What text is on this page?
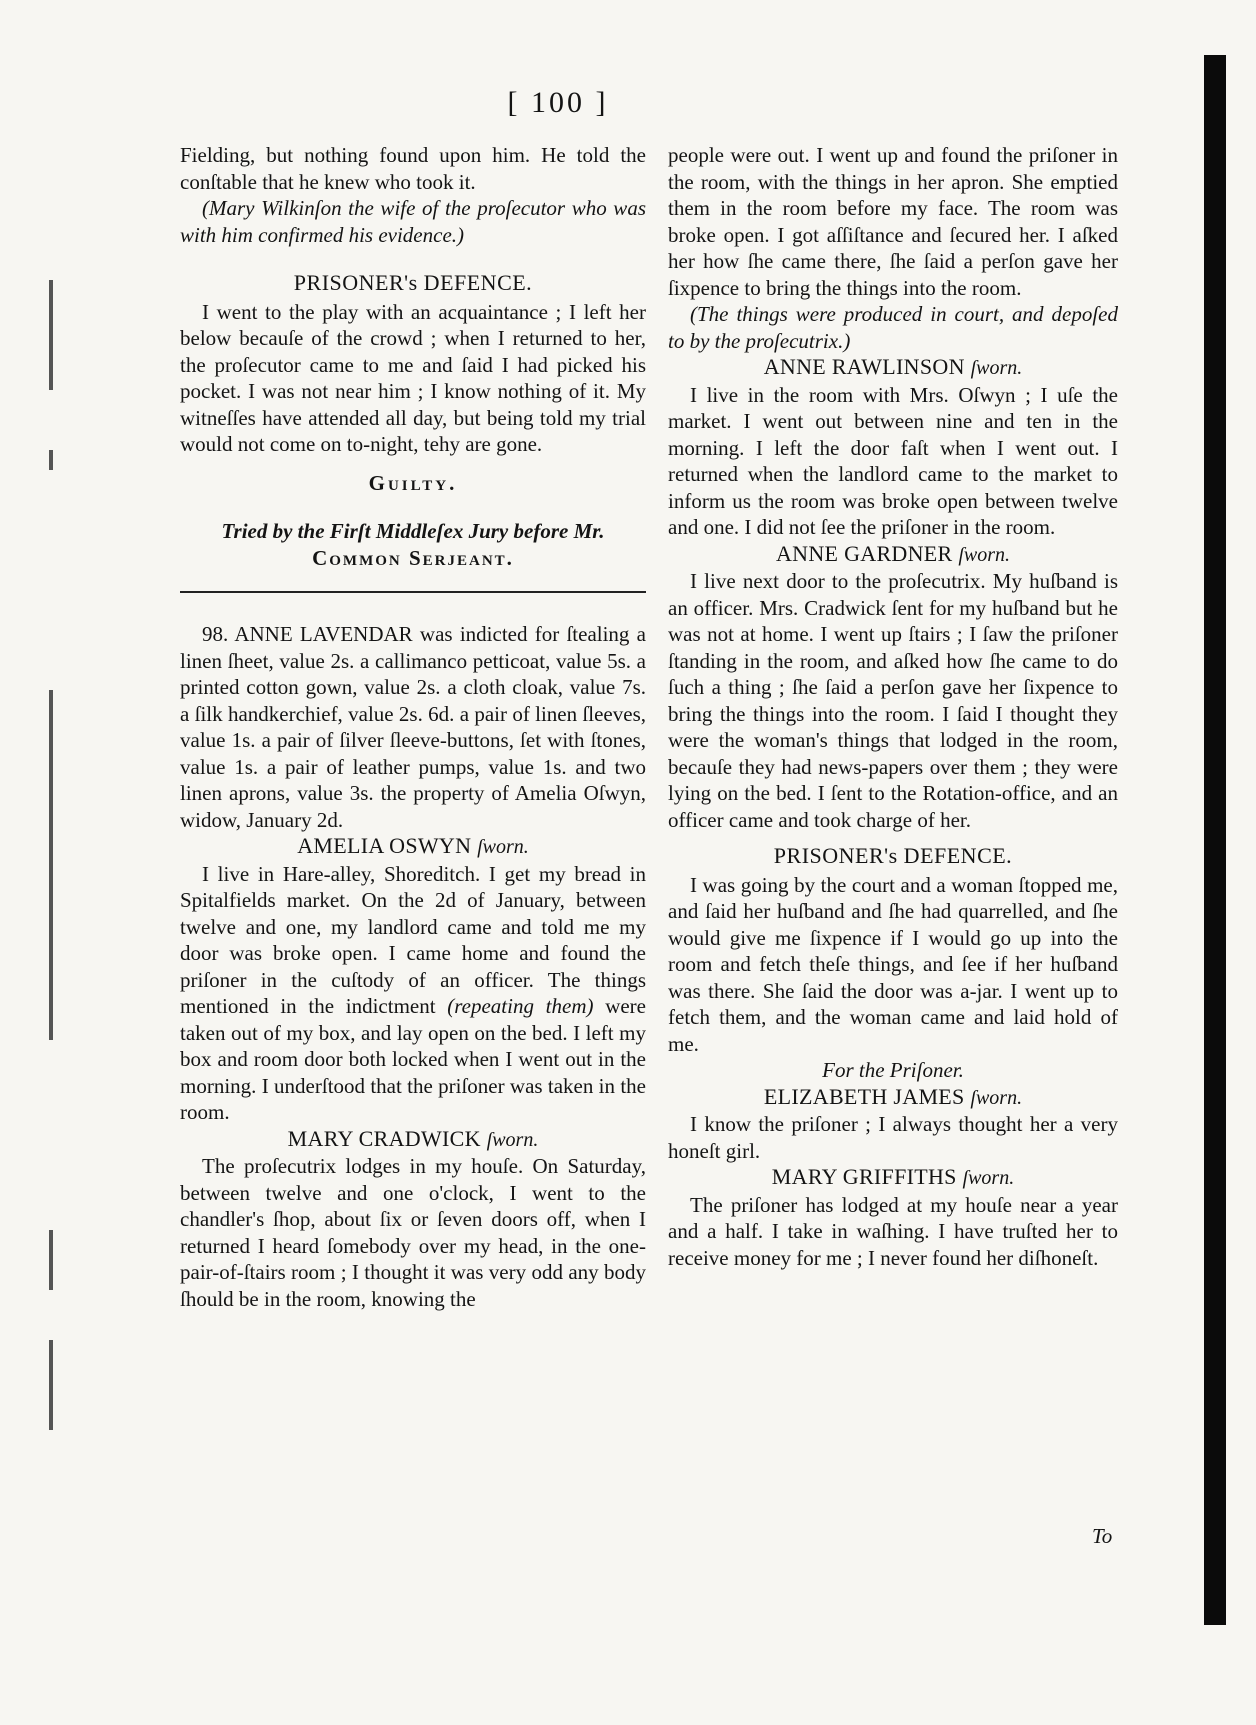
[ 100 ]

Fielding, but nothing found upon him. He told the conſtable that he knew who took it.

(Mary Wilkinſon the wife of the proſecutor who was with him confirmed his evidence.)

PRISONER's DEFENCE.

I went to the play with an acquaintance ; I left her below becauſe of the crowd ; when I returned to her, the proſecutor came to me and ſaid I had picked his pocket. I was not near him ; I know nothing of it. My witneſſes have attended all day, but being told my trial would not come on to-night, tehy are gone.

Guilty.

Tried by the Firſt Middleſex Jury before Mr.

Common Serjeant.

98. ANNE LAVENDAR was indicted for ſtealing a linen ſheet, value 2s. a callimanco petticoat, value 5s. a printed cotton gown, value 2s. a cloth cloak, value 7s. a ſilk handkerchief, value 2s. 6d. a pair of linen ſleeves, value 1s. a pair of ſilver ſleeve-buttons, ſet with ſtones, value 1s. a pair of leather pumps, value 1s. and two linen aprons, value 3s. the property of Amelia Oſwyn, widow, January 2d.

AMELIA OSWYN ſworn.

I live in Hare-alley, Shoreditch. I get my bread in Spitalfields market. On the 2d of January, between twelve and one, my landlord came and told me my door was broke open. I came home and found the priſoner in the cuſtody of an officer. The things mentioned in the indictment (repeating them) were taken out of my box, and lay open on the bed. I left my box and room door both locked when I went out in the morning. I underſtood that the priſoner was taken in the room.

MARY CRADWICK ſworn.

The proſecutrix lodges in my houſe. On Saturday, between twelve and one o'clock, I went to the chandler's ſhop, about ſix or ſeven doors off, when I returned I heard ſomebody over my head, in the one-pair-of-ſtairs room ; I thought it was very odd any body ſhould be in the room, knowing the

people were out. I went up and found the priſoner in the room, with the things in her apron. She emptied them in the room before my face. The room was broke open. I got aſſiſtance and ſecured her. I aſked her how ſhe came there, ſhe ſaid a perſon gave her ſixpence to bring the things into the room.

(The things were produced in court, and depoſed to by the proſecutrix.)

ANNE RAWLINSON ſworn.

I live in the room with Mrs. Oſwyn ; I uſe the market. I went out between nine and ten in the morning. I left the door faſt when I went out. I returned when the landlord came to the market to inform us the room was broke open between twelve and one. I did not ſee the priſoner in the room.

ANNE GARDNER ſworn.

I live next door to the proſecutrix. My huſband is an officer. Mrs. Cradwick ſent for my huſband but he was not at home. I went up ſtairs ; I ſaw the priſoner ſtanding in the room, and aſked how ſhe came to do ſuch a thing ; ſhe ſaid a perſon gave her ſixpence to bring the things into the room. I ſaid I thought they were the woman's things that lodged in the room, becauſe they had news-papers over them ; they were lying on the bed. I ſent to the Rotation-office, and an officer came and took charge of her.

PRISONER's DEFENCE.

I was going by the court and a woman ſtopped me, and ſaid her huſband and ſhe had quarrelled, and ſhe would give me ſixpence if I would go up into the room and fetch theſe things, and ſee if her huſband was there. She ſaid the door was a-jar. I went up to fetch them, and the woman came and laid hold of me.

For the Priſoner.

ELIZABETH JAMES ſworn.

I know the priſoner ; I always thought her a very honeſt girl.

MARY GRIFFITHS ſworn.

The priſoner has lodged at my houſe near a year and a half. I take in waſhing. I have truſted her to receive money for me ; I never found her diſhoneſt.

To
